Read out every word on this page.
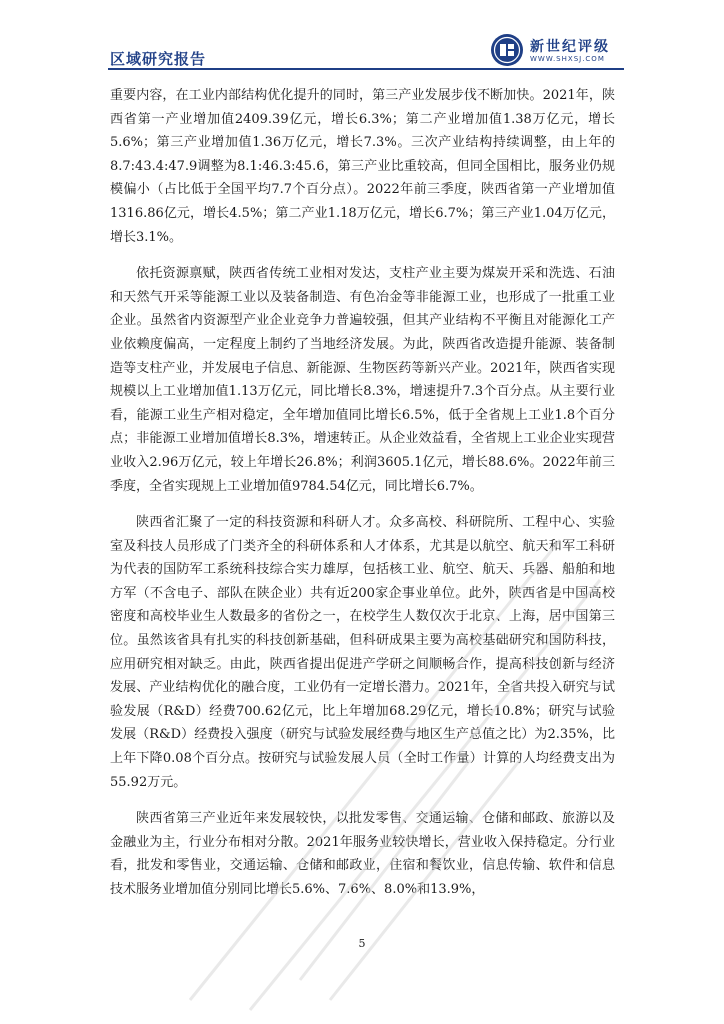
区域研究报告
新世纪评级
WWW.SHXSJ.COM

重要内容，在工业内部结构优化提升的同时，第三产业发展步伐不断加快。2021年，陕西省第一产业增加值2409.39亿元，增长6.3%；第二产业增加值1.38万亿元，增长5.6%；第三产业增加值1.36万亿元，增长7.3%。三次产业结构持续调整，由上年的8.7:43.4:47.9调整为8.1:46.3:45.6，第三产业比重较高，但同全国相比，服务业仍规模偏小（占比低于全国平均7.7个百分点）。2022年前三季度，陕西省第一产业增加值1316.86亿元，增长4.5%；第二产业1.18万亿元，增长6.7%；第三产业1.04万亿元，增长3.1%。

依托资源禀赋，陕西省传统工业相对发达，支柱产业主要为煤炭开采和洗选、石油和天然气开采等能源工业以及装备制造、有色冶金等非能源工业，也形成了一批重工业企业。虽然省内资源型产业企业竞争力普遍较强，但其产业结构不平衡且对能源化工产业依赖度偏高，一定程度上制约了当地经济发展。为此，陕西省改造提升能源、装备制造等支柱产业，并发展电子信息、新能源、生物医药等新兴产业。2021年，陕西省实现规模以上工业增加值1.13万亿元，同比增长8.3%，增速提升7.3个百分点。从主要行业看，能源工业生产相对稳定，全年增加值同比增长6.5%，低于全省规上工业1.8个百分点；非能源工业增加值增长8.3%，增速转正。从企业效益看，全省规上工业企业实现营业收入2.96万亿元，较上年增长26.8%；利润3605.1亿元，增长88.6%。2022年前三季度，全省实现规上工业增加值9784.54亿元，同比增长6.7%。

陕西省汇聚了一定的科技资源和科研人才。众多高校、科研院所、工程中心、实验室及科技人员形成了门类齐全的科研体系和人才体系，尤其是以航空、航天和军工科研为代表的国防军工系统科技综合实力雄厚，包括核工业、航空、航天、兵器、船舶和地方军（不含电子、部队在陕企业）共有近200家企事业单位。此外，陕西省是中国高校密度和高校毕业生人数最多的省份之一，在校学生人数仅次于北京、上海，居中国第三位。虽然该省具有扎实的科技创新基础，但科研成果主要为高校基础研究和国防科技，应用研究相对缺乏。由此，陕西省提出促进产学研之间顺畅合作，提高科技创新与经济发展、产业结构优化的融合度，工业仍有一定增长潜力。2021年，全省共投入研究与试验发展（R&D）经费700.62亿元，比上年增加68.29亿元，增长10.8%；研究与试验发展（R&D）经费投入强度（研究与试验发展经费与地区生产总值之比）为2.35%，比上年下降0.08个百分点。按研究与试验发展人员（全时工作量）计算的人均经费支出为55.92万元。

陕西省第三产业近年来发展较快，以批发零售、交通运输、仓储和邮政、旅游以及金融业为主，行业分布相对分散。2021年服务业较快增长，营业收入保持稳定。分行业看，批发和零售业，交通运输、仓储和邮政业，住宿和餐饮业，信息传输、软件和信息技术服务业增加值分别同比增长5.6%、7.6%、8.0%和13.9%，

5
